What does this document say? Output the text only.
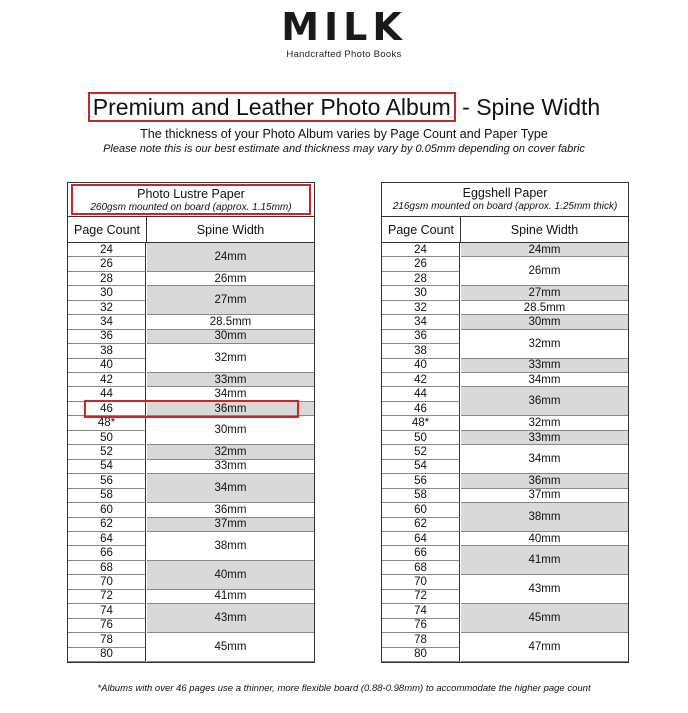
MILK
Handcrafted Photo Books
Premium and Leather Photo Album - Spine Width
The thickness of your Photo Album varies by Page Count and Paper Type
Please note this is our best estimate and thickness may vary by 0.05mm depending on cover fabric
Photo Lustre Paper
260gsm mounted on board (approx. 1.15mm)
Page Count	Spine Width
24
26
28
30
32
34
36
38
40
42
44
46
48*
50
52
54
56
58
60
62
64
66
68
70
72
74
76
78
80
24mm
26mm
27mm
28.5mm
30mm
32mm
33mm
34mm
36mm
30mm
32mm
33mm
34mm
36mm
37mm
38mm
40mm
41mm
43mm
45mm
Eggshell Paper
216gsm mounted on board (approx. 1.25mm thick)
Page Count	Spine Width
24
26
28
30
32
34
36
38
40
42
44
46
48*
50
52
54
56
58
60
62
64
66
68
70
72
74
76
78
80
24mm
26mm
27mm
28.5mm
30mm
32mm
33mm
34mm
36mm
32mm
33mm
34mm
36mm
37mm
38mm
40mm
41mm
43mm
45mm
47mm
*Albums with over 46 pages use a thinner, more flexible board (0.88-0.98mm) to accommodate the higher page count
